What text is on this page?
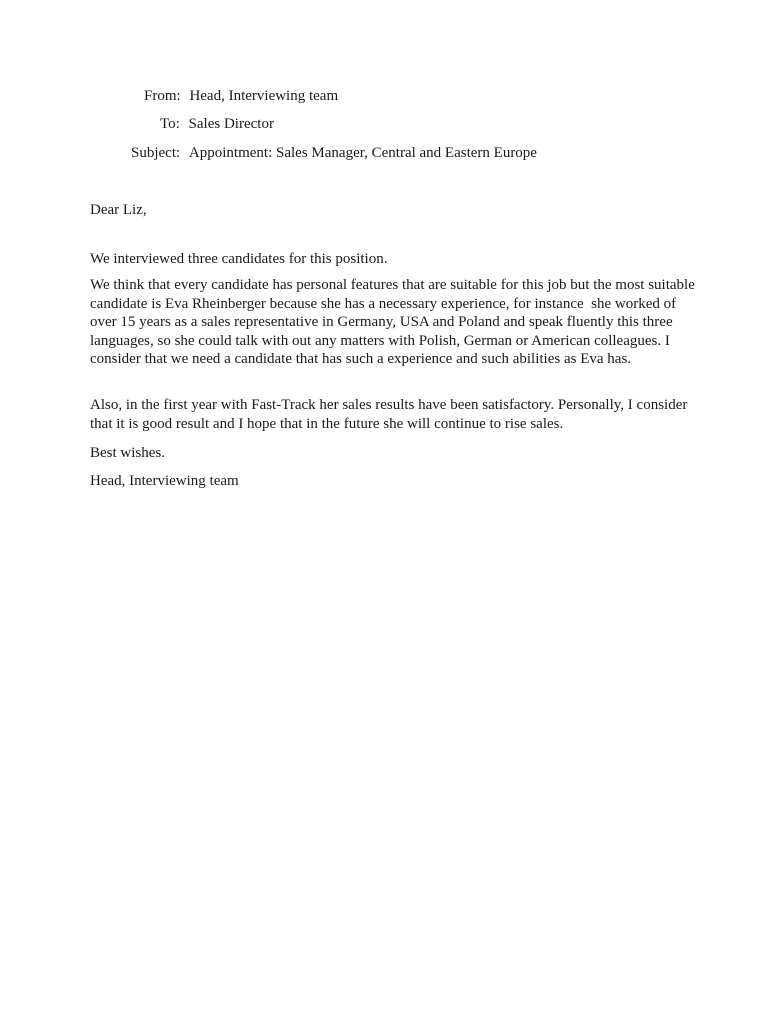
From: Head, Interviewing team
To: Sales Director
Subject: Appointment: Sales Manager, Central and Eastern Europe

Dear Liz,

We interviewed three candidates for this position.

We think that every candidate has personal features that are suitable for this job but the most suitable candidate is Eva Rheinberger because she has a necessary experience, for instance  she worked of over 15 years as a sales representative in Germany, USA and Poland and speak fluently this three languages, so she could talk with out any matters with Polish, German or American colleagues. I consider that we need a candidate that has such a experience and such abilities as Eva has.

Also, in the first year with Fast-Track her sales results have been satisfactory. Personally, I consider that it is good result and I hope that in the future she will continue to rise sales.

Best wishes.

Head, Interviewing team
